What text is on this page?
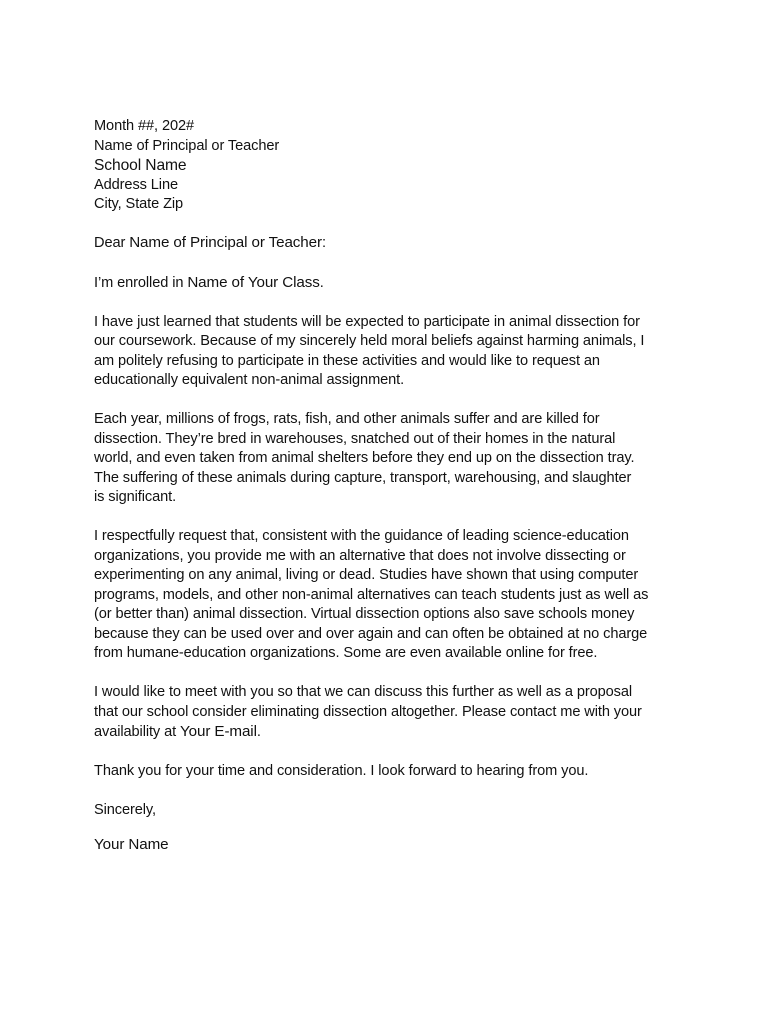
Month ##, 202#
Name of Principal or Teacher
School Name
Address Line
City, State Zip
Dear Name of Principal or Teacher:
I’m enrolled in Name of Your Class.
I have just learned that students will be expected to participate in animal dissection for
our coursework. Because of my sincerely held moral beliefs against harming animals, I
am politely refusing to participate in these activities and would like to request an
educationally equivalent non-animal assignment.
Each year, millions of frogs, rats, fish, and other animals suffer and are killed for
dissection. They’re bred in warehouses, snatched out of their homes in the natural
world, and even taken from animal shelters before they end up on the dissection tray.
The suffering of these animals during capture, transport, warehousing, and slaughter
is significant.
I respectfully request that, consistent with the guidance of leading science-education
organizations, you provide me with an alternative that does not involve dissecting or
experimenting on any animal, living or dead. Studies have shown that using computer
programs, models, and other non-animal alternatives can teach students just as well as
(or better than) animal dissection. Virtual dissection options also save schools money
because they can be used over and over again and can often be obtained at no charge
from humane-education organizations. Some are even available online for free.
I would like to meet with you so that we can discuss this further as well as a proposal
that our school consider eliminating dissection altogether. Please contact me with your
availability at Your E-mail.
Thank you for your time and consideration. I look forward to hearing from you.
Sincerely,
Your Name
